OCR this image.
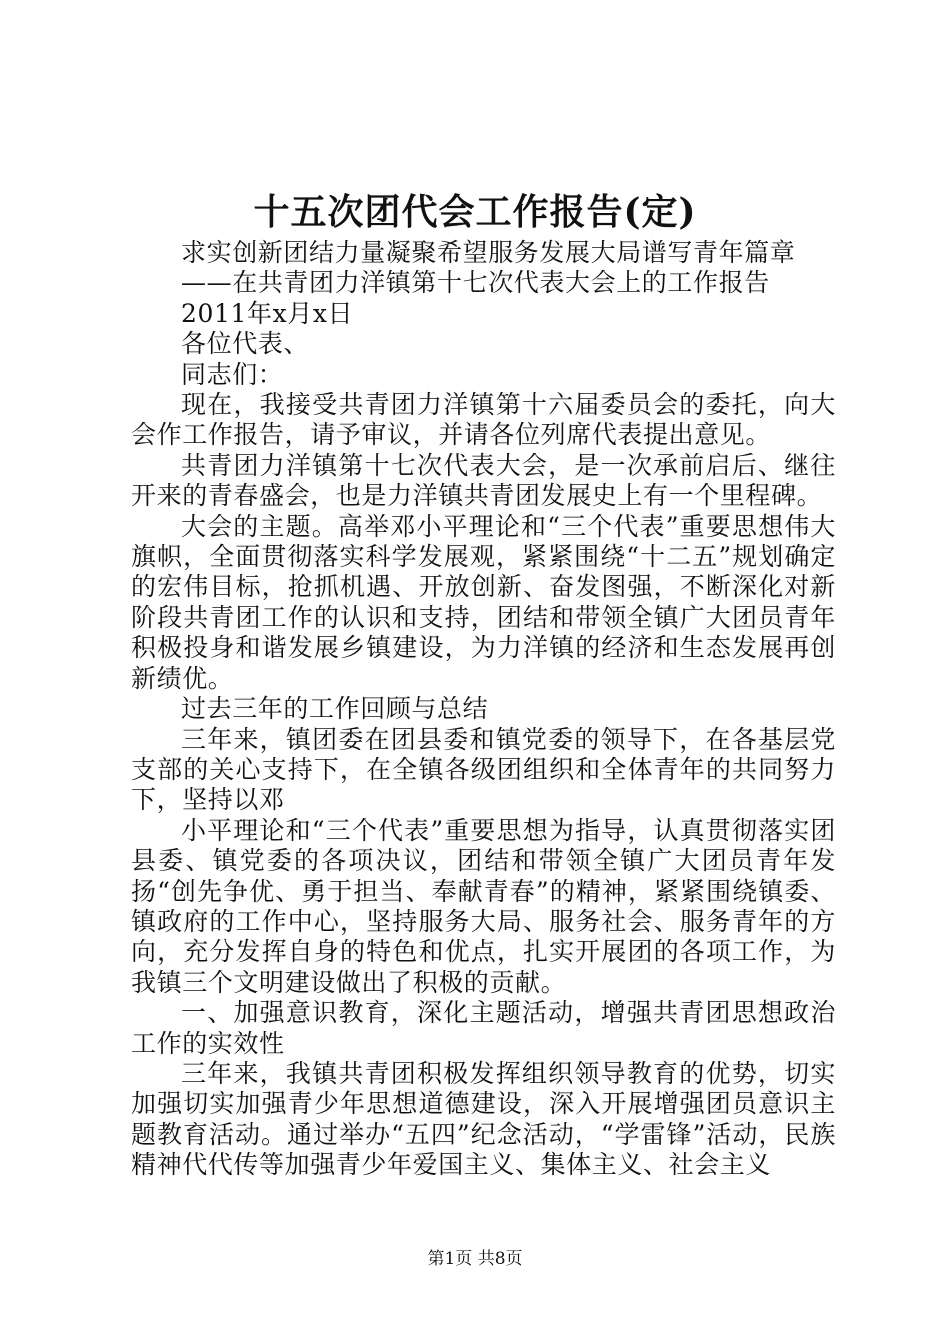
十五次团代会工作报告(定)

求实创新团结力量凝聚希望服务发展大局谱写青年篇章

——在共青团力洋镇第十七次代表大会上的工作报告

2011年x月x日

各位代表、

同志们：

现在，我接受共青团力洋镇第十六届委员会的委托，向大会作工作报告，请予审议，并请各位列席代表提出意见。

共青团力洋镇第十七次代表大会，是一次承前启后、继往开来的青春盛会，也是力洋镇共青团发展史上有一个里程碑。

大会的主题。高举邓小平理论和“三个代表”重要思想伟大旗帜，全面贯彻落实科学发展观，紧紧围绕“十二五”规划确定的宏伟目标，抢抓机遇、开放创新、奋发图强，不断深化对新阶段共青团工作的认识和支持，团结和带领全镇广大团员青年积极投身和谐发展乡镇建设，为力洋镇的经济和生态发展再创新绩优。

过去三年的工作回顾与总结

三年来，镇团委在团县委和镇党委的领导下，在各基层党支部的关心支持下，在全镇各级团组织和全体青年的共同努力下，坚持以邓

小平理论和“三个代表”重要思想为指导，认真贯彻落实团县委、镇党委的各项决议，团结和带领全镇广大团员青年发扬“创先争优、勇于担当、奉献青春”的精神，紧紧围绕镇委、镇政府的工作中心，坚持服务大局、服务社会、服务青年的方向，充分发挥自身的特色和优点，扎实开展团的各项工作，为我镇三个文明建设做出了积极的贡献。

一、加强意识教育，深化主题活动，增强共青团思想政治工作的实效性

三年来，我镇共青团积极发挥组织领导教育的优势，切实加强切实加强青少年思想道德建设，深入开展增强团员意识主题教育活动。通过举办“五四”纪念活动，“学雷锋”活动，民族精神代代传等加强青少年爱国主义、集体主义、社会主义

第1页 共8页
